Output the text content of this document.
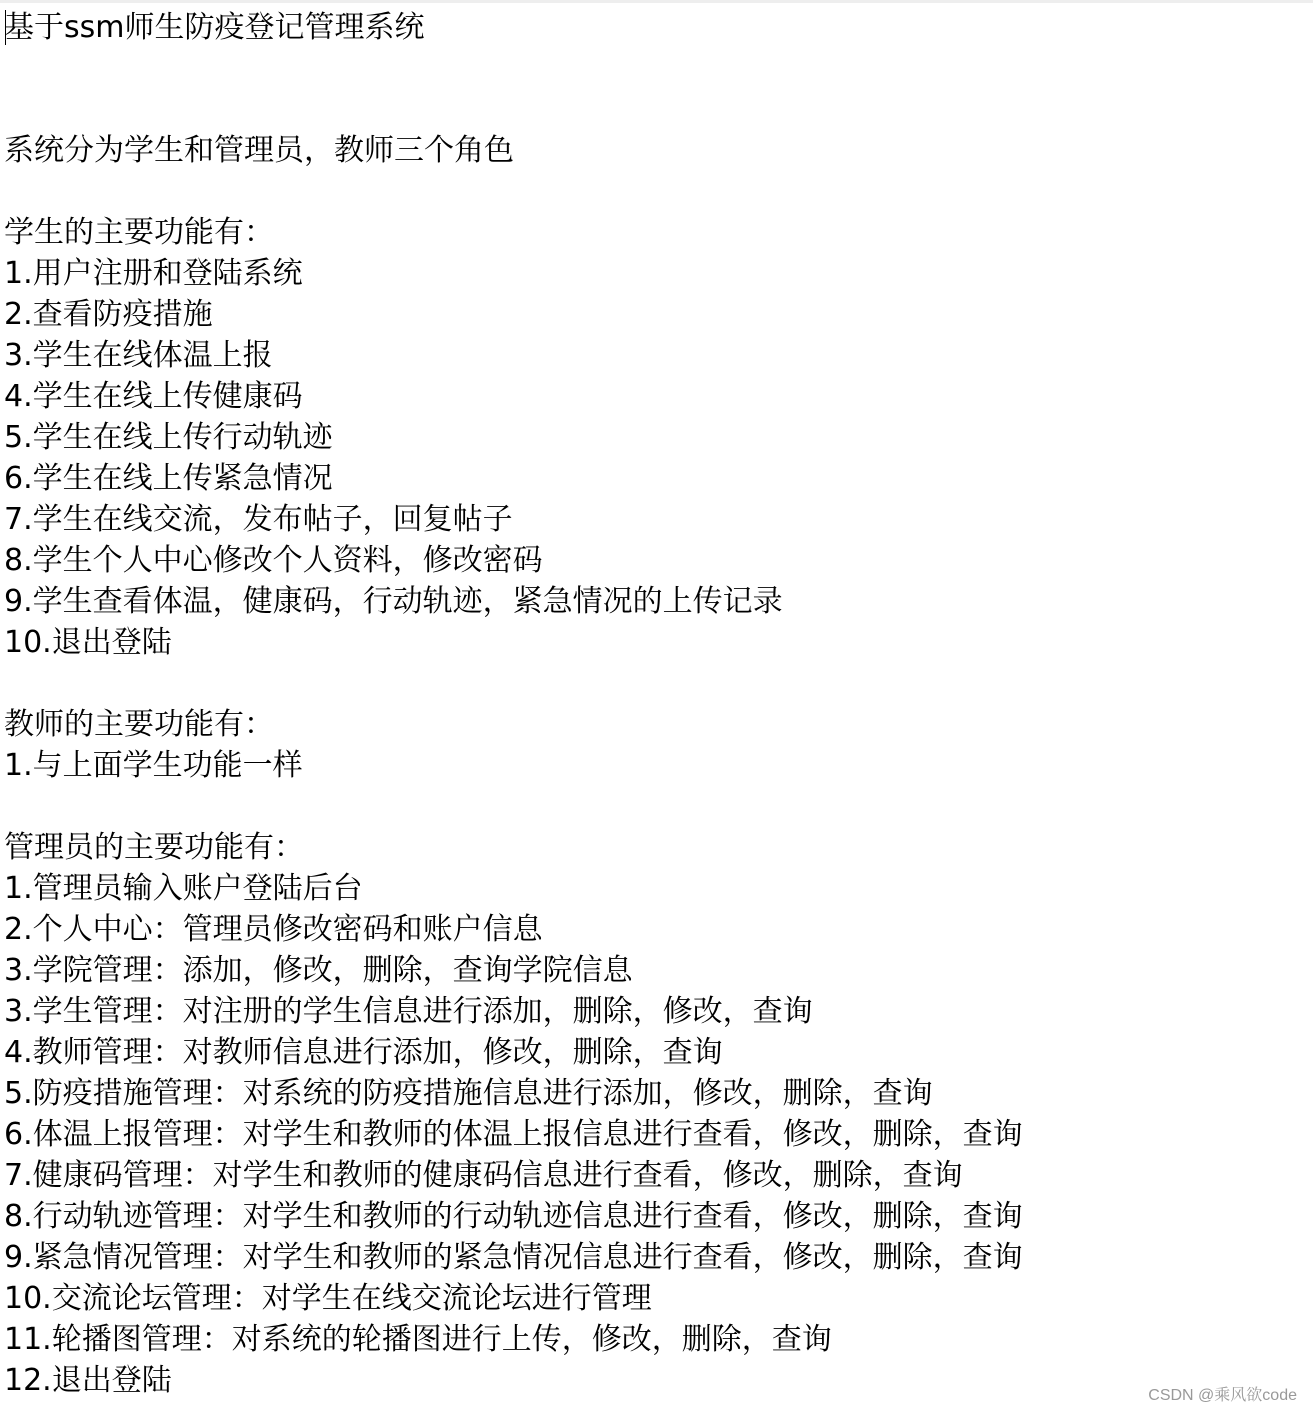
基于ssm师生防疫登记管理系统
系统分为学生和管理员，教师三个角色
学生的主要功能有：
1.用户注册和登陆系统
2.查看防疫措施
3.学生在线体温上报
4.学生在线上传健康码
5.学生在线上传行动轨迹
6.学生在线上传紧急情况
7.学生在线交流，发布帖子，回复帖子
8.学生个人中心修改个人资料，修改密码
9.学生查看体温，健康码，行动轨迹，紧急情况的上传记录
10.退出登陆
教师的主要功能有：
1.与上面学生功能一样
管理员的主要功能有：
1.管理员输入账户登陆后台
2.个人中心：管理员修改密码和账户信息
3.学院管理：添加，修改，删除，查询学院信息
3.学生管理：对注册的学生信息进行添加，删除，修改，查询
4.教师管理：对教师信息进行添加，修改，删除，查询
5.防疫措施管理：对系统的防疫措施信息进行添加，修改，删除，查询
6.体温上报管理：对学生和教师的体温上报信息进行查看，修改，删除，查询
7.健康码管理：对学生和教师的健康码信息进行查看，修改，删除，查询
8.行动轨迹管理：对学生和教师的行动轨迹信息进行查看，修改，删除，查询
9.紧急情况管理：对学生和教师的紧急情况信息进行查看，修改，删除，查询
10.交流论坛管理：对学生在线交流论坛进行管理
11.轮播图管理：对系统的轮播图进行上传，修改，删除，查询
12.退出登陆	CSDN @乘风欲code
